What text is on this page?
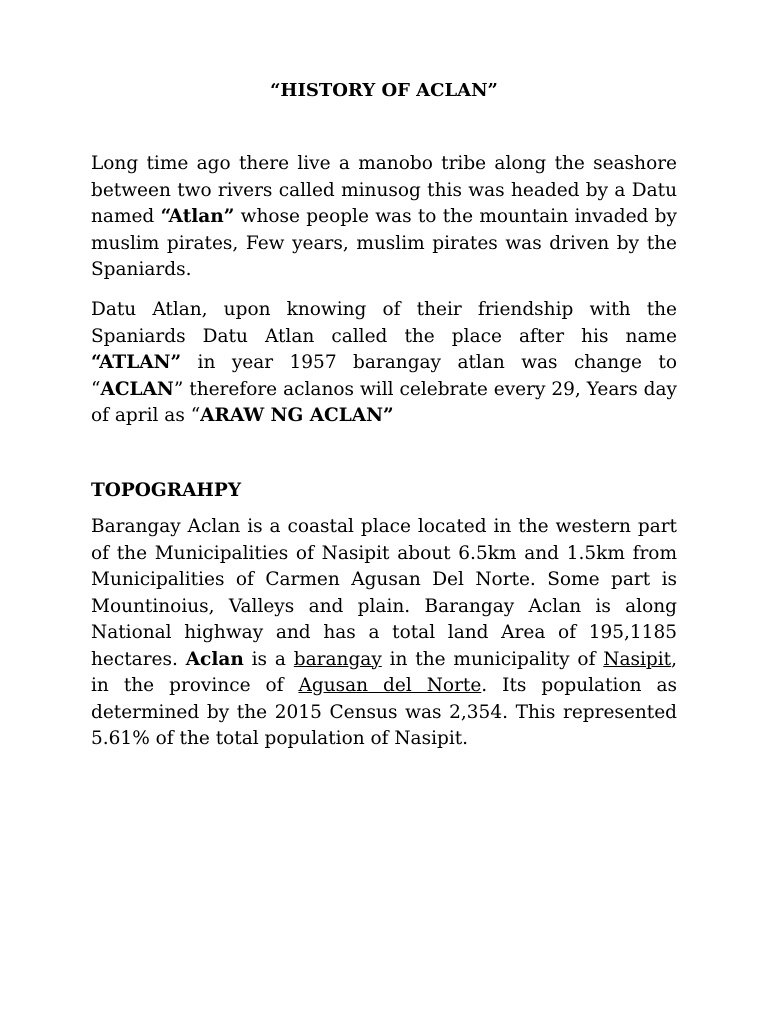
“HISTORY OF ACLAN”

Long time ago there live a manobo tribe along the seashore between two rivers called minusog this was headed by a Datu named “Atlan” whose people was to the mountain invaded by muslim pirates, Few years, muslim pirates was driven by the Spaniards.

Datu Atlan, upon knowing of their friendship with the Spaniards Datu Atlan called the place after his name “ATLAN” in year 1957 barangay atlan was change to “ACLAN” therefore aclanos will celebrate every 29, Years day of april as “ARAW NG ACLAN”

TOPOGRAHPY

Barangay Aclan is a coastal place located in the western part of the Municipalities of Nasipit about 6.5km and 1.5km from Municipalities of Carmen Agusan Del Norte. Some part is Mountinoius, Valleys and plain. Barangay Aclan is along National highway and has a total land Area of 195,1185 hectares. Aclan is a barangay in the municipality of Nasipit, in the province of Agusan del Norte. Its population as determined by the 2015 Census was 2,354. This represented 5.61% of the total population of Nasipit.
